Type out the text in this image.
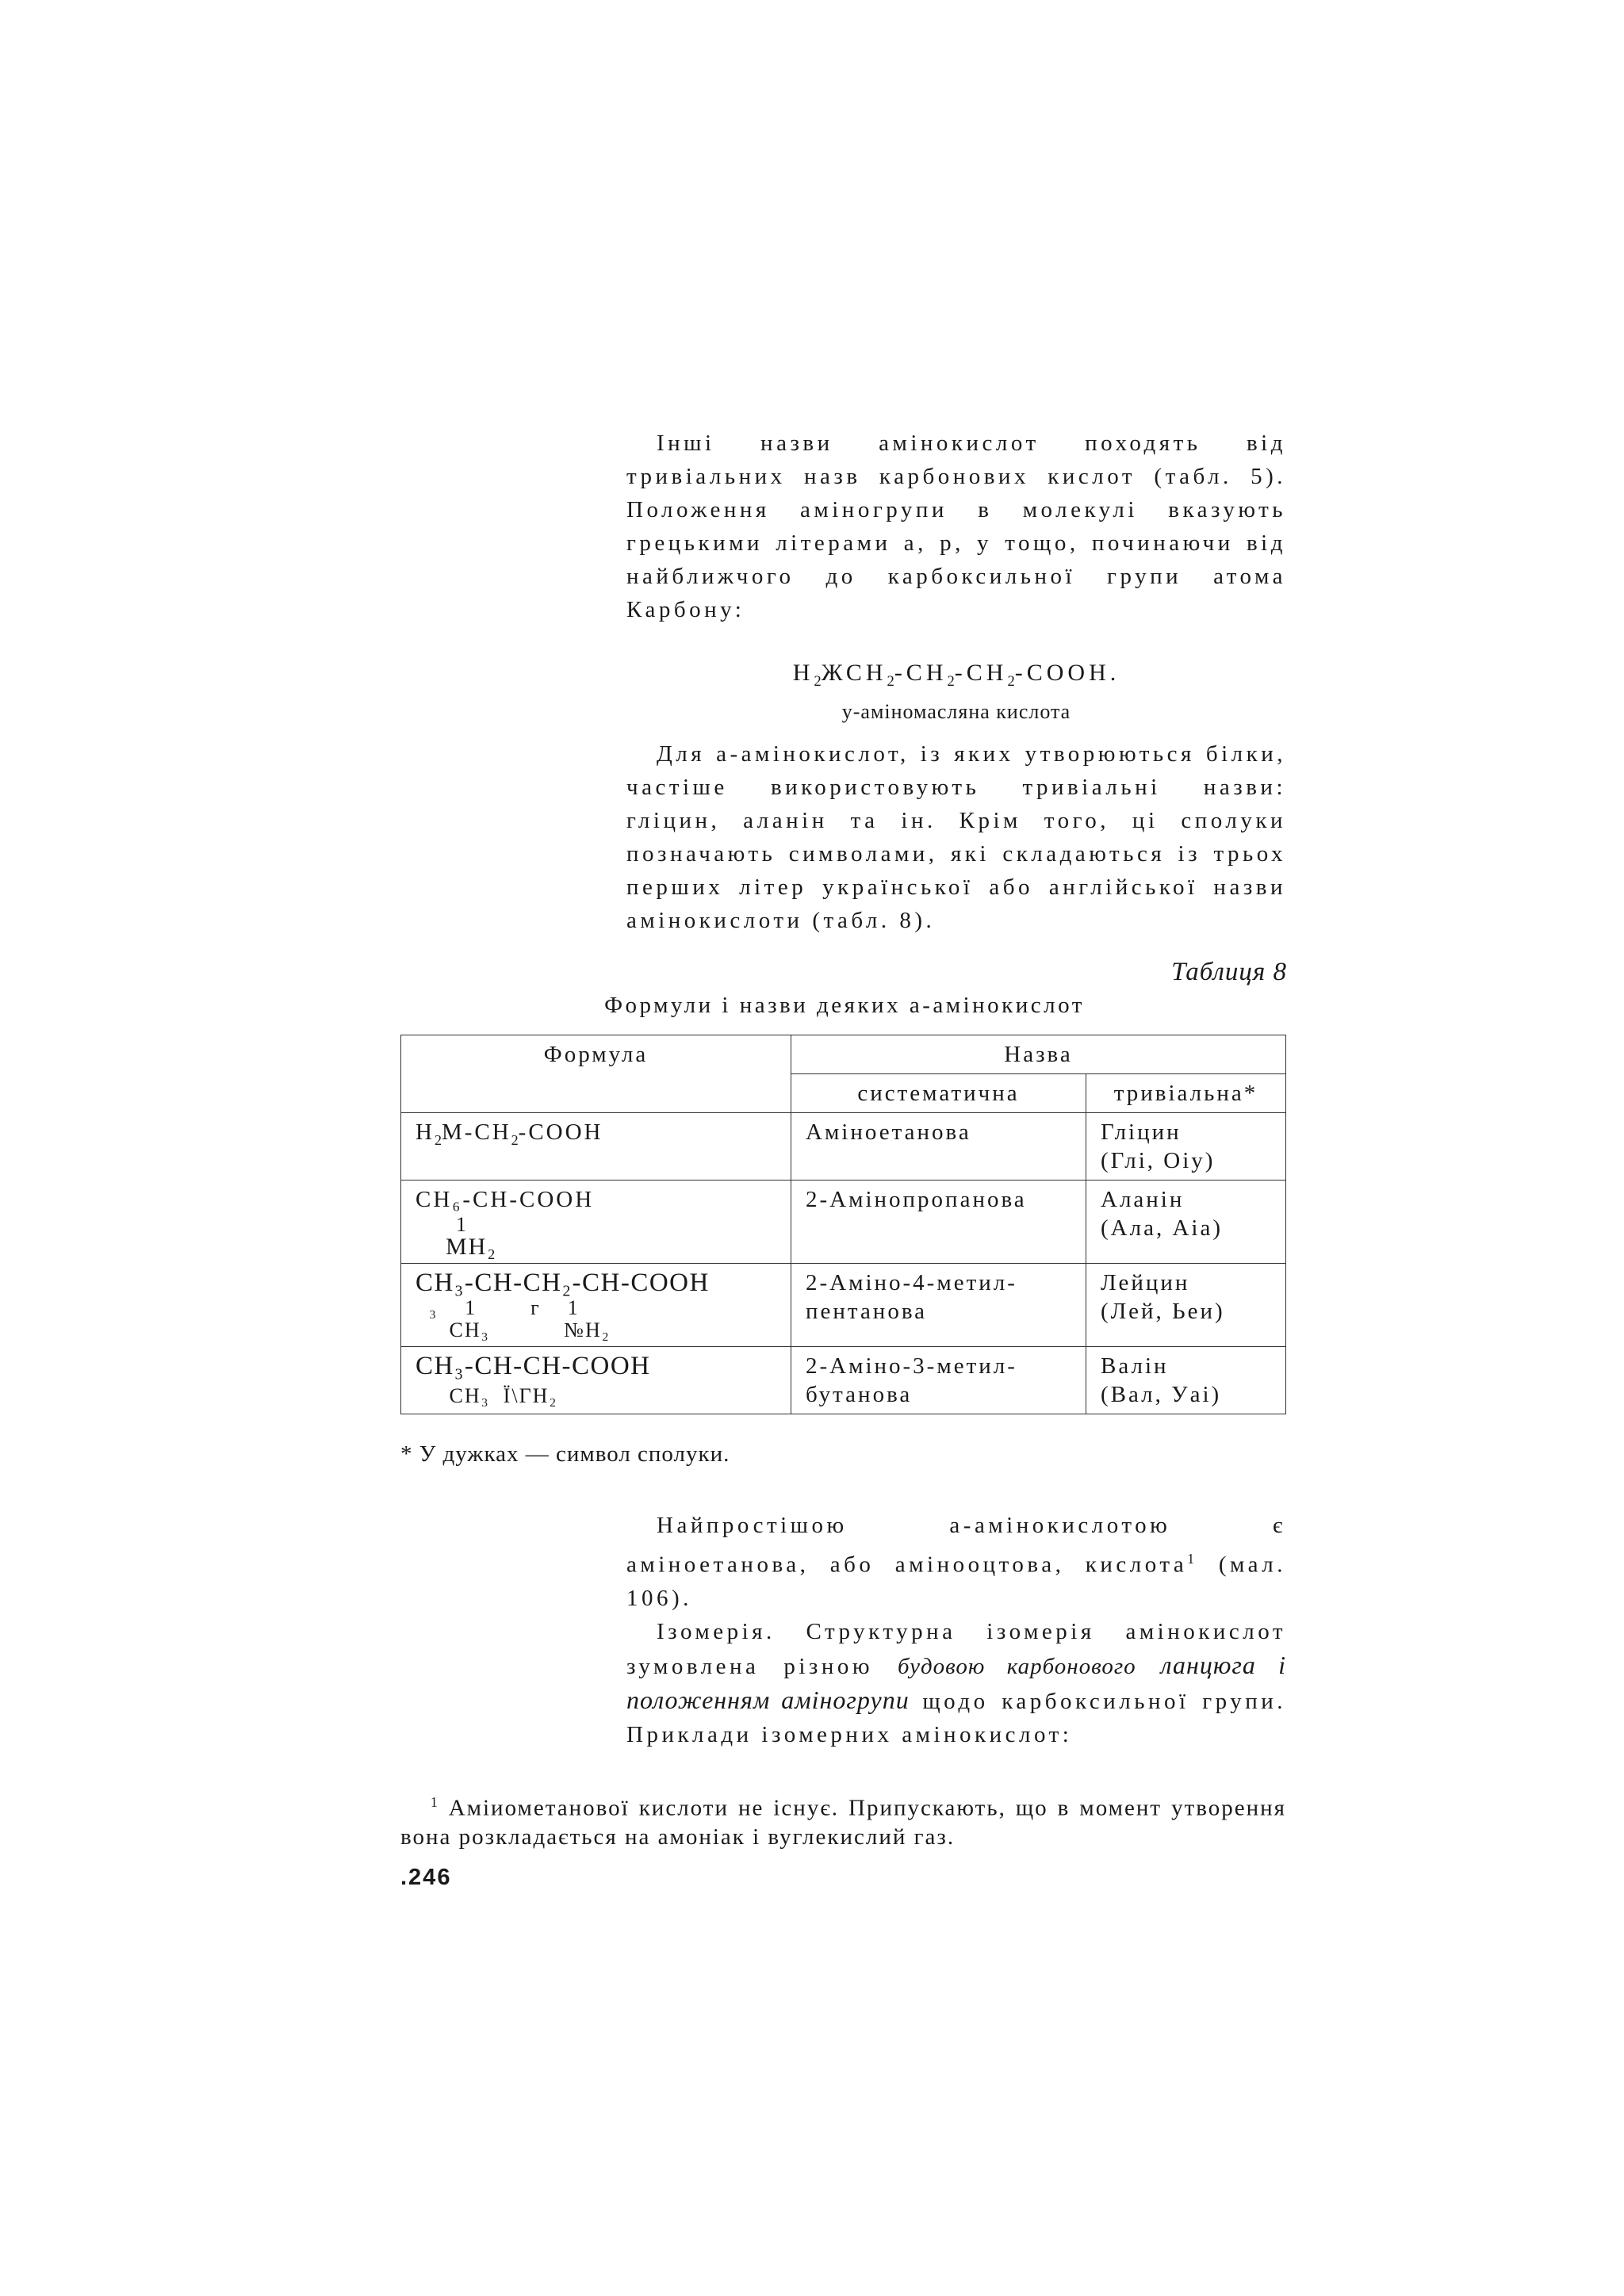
Інші назви амінокислот походять від тривіальних назв карбонових кислот (табл. 5). Положення аміногрупи в молекулі вказують грецькими літерами а, р, у тощо, починаючи від найближчого до карбоксильної групи атома Карбону:

$H_2ЖСН_2-СН_2-СН_2$-СООН.

у-аміномасляна кислота

Для а-амінокислот, із яких утворюються білки, частіше використовують тривіальні назви: гліцин, аланін та ін. Крім того, ці сполуки позначають символами, які складаються із трьох перших літер української або англійської назви амінокислоти (табл. 8).

Таблиця 8

Формули і назви деяких а-амінокислот

Формула	Назва	
	систематична	тривіальна*

$H_2M-CH_2$-COOH	Аміноетанова	Гліцин
(Глі, Оіу)

CH₆-CH-COOH
1
MH₂	2-Амінопропанова	Аланін
(Ала, Аіа)

CH₃-CH-CH₂-CH-COOH
₃    1        г    1
CH₃           №H₂	2-Аміно-4-метил-
пентанова	Лейцин
(Лей, Ьеи)

CH₃-CH-CH-COOH
CH₃  Ї\ГH₂	2-Аміно-3-метил-
бутанова	Валін
(Вал, Уаі)

* У дужках — символ сполуки.

Найпростішою а-амінокислотою є аміноетанова, або аміноoцтова, кислота$^1$ (мал. 106).

Ізомерія. Структурна ізомерія амінокислот зумовлена різною будовою карбонового ланцюга і положенням аміногрупи щодо карбоксильної групи. Приклади ізомерних амінокислот:

$^1$ Аміиометанової кислоти не існує. Припускають, що в момент утворення вона розкладається на амоніак і вуглекислий газ.

.246
